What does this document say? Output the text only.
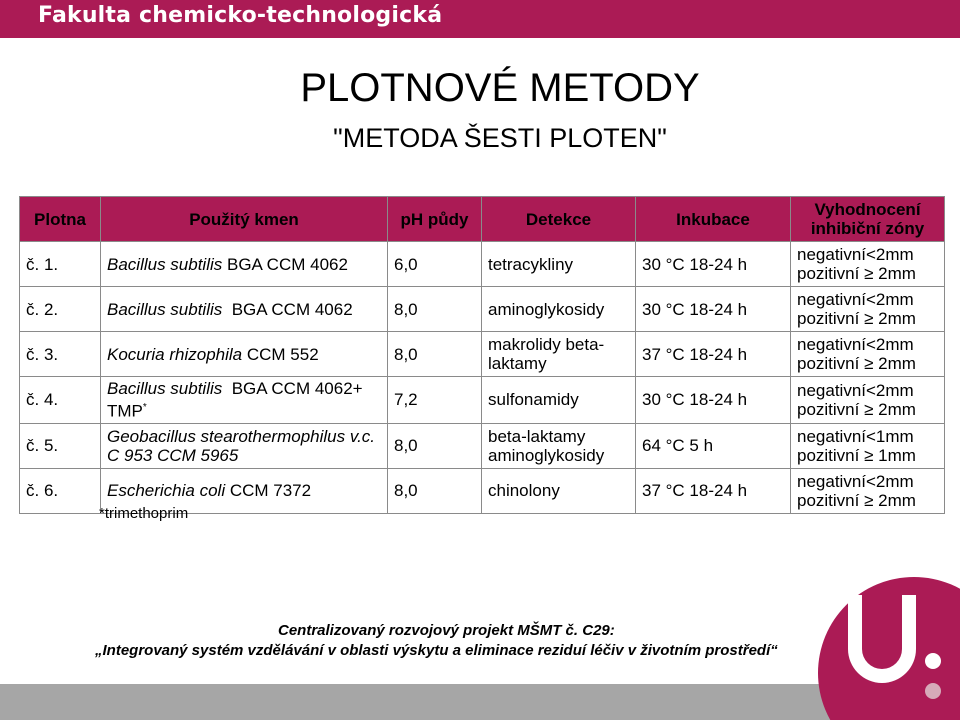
Fakulta chemicko-technologická
PLOTNOVÉ METODY
"METODA ŠESTI PLOTEN"
Plotna	Použitý kmen	pH půdy	Detekce	Inkubace	Vyhodnocení inhibiční zóny
č. 1.	Bacillus subtilis BGA CCM 4062	6,0	tetracykliny	30 °C 18-24 h	negativní<2mm
pozitivní ≥ 2mm

č. 2.	Bacillus subtilis  BGA CCM 4062	8,0	aminoglykosidy	30 °C 18-24 h	negativní<2mm
pozitivní ≥ 2mm

č. 3.	Kocuria rhizophila CCM 552	8,0	makrolidy beta-laktamy	37 °C 18-24 h	negativní<2mm
pozitivní ≥ 2mm

č. 4.	Bacillus subtilis  BGA CCM 4062+ TMP*	7,2	sulfonamidy	30 °C 18-24 h	negativní<2mm
pozitivní ≥ 2mm

č. 5.	Geobacillus stearothermophilus v.c. C 953 CCM 5965	8,0	beta-laktamy aminoglykosidy	64 °C 5 h	negativní<1mm
pozitivní ≥ 1mm

č. 6.	Escherichia coli CCM 7372	8,0	chinolony	37 °C 18-24 h	negativní<2mm
pozitivní ≥ 2mm
*trimethoprim
Centralizovaný rozvojový projekt MŠMT č. C29:
„Integrovaný systém vzdělávání v oblasti výskytu a eliminace reziduí léčiv v životním prostředí“
